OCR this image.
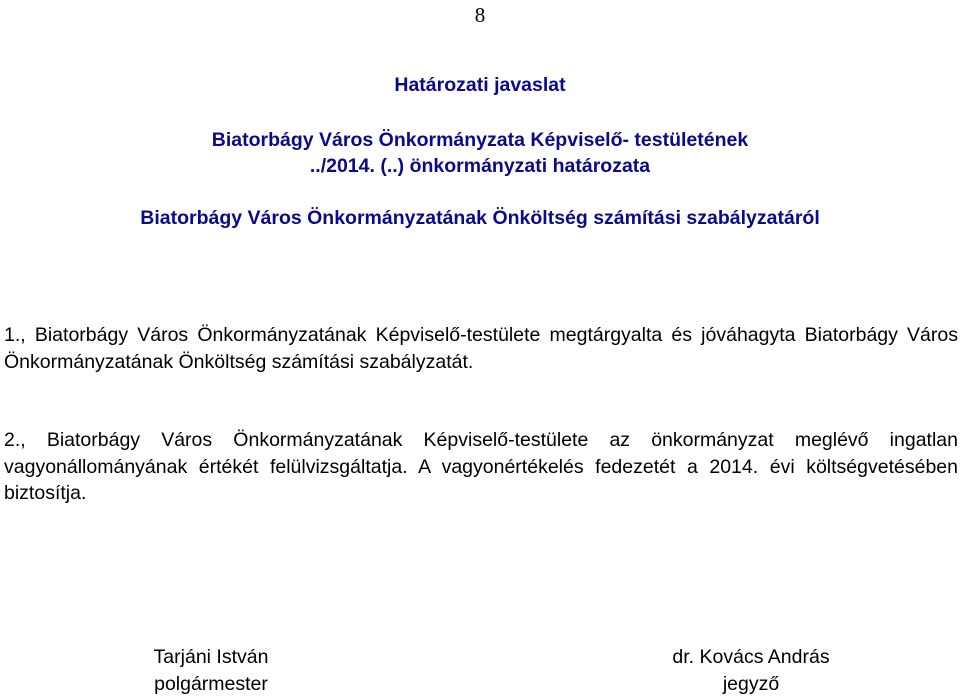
8
Határozati javaslat
Biatorbágy Város Önkormányzata Képviselő- testületének
../2014. (..) önkormányzati határozata
Biatorbágy Város Önkormányzatának Önköltség számítási szabályzatáról

1., Biatorbágy Város Önkormányzatának Képviselő-testülete megtárgyalta és jóváhagyta Biatorbágy Város Önkormányzatának Önköltség számítási szabályzatát.

2., Biatorbágy Város Önkormányzatának Képviselő-testülete az önkormányzat meglévő ingatlan vagyonállományának értékét felülvizsgáltatja. A vagyonértékelés fedezetét a 2014. évi költségvetésében biztosítja.

Tarjáni István
polgármester
dr. Kovács András
jegyző
